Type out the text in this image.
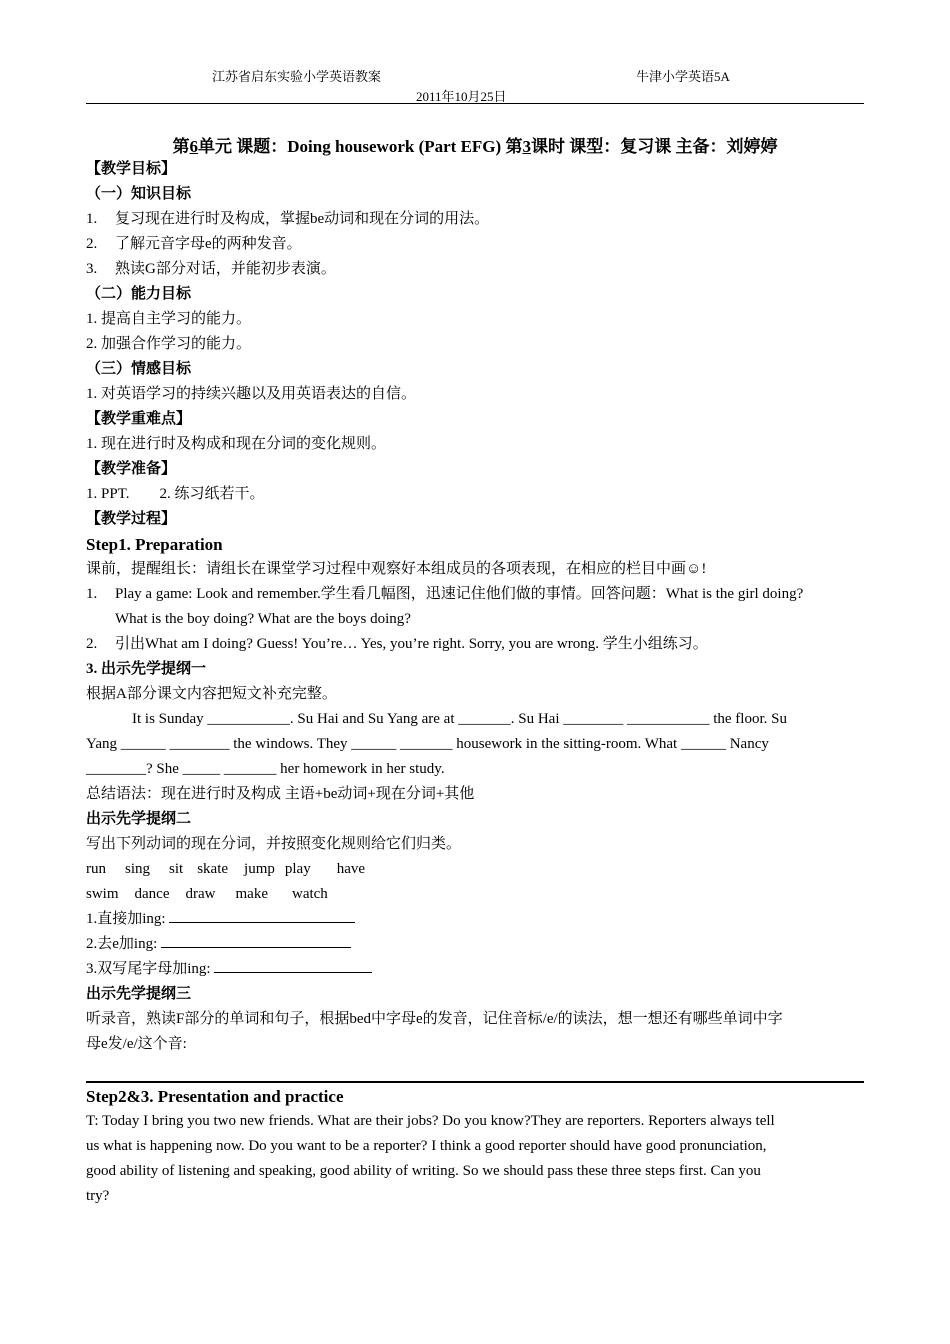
江苏省启东实验小学英语教案	牛津小学英语5A
2011年10月25日
第6单元 课题：Doing housework (Part EFG) 第3课时 课型：复习课 主备：刘婷婷
【教学目标】
（一）知识目标
1. 复习现在进行时及构成，掌握be动词和现在分词的用法。
2. 了解元音字母e的两种发音。
3. 熟读G部分对话，并能初步表演。
（二）能力目标
1. 提高自主学习的能力。
2. 加强合作学习的能力。
（三）情感目标
1. 对英语学习的持续兴趣以及用英语表达的自信。
【教学重难点】
1. 现在进行时及构成和现在分词的变化规则。
【教学准备】
1. PPT. 2. 练习纸若干。
【教学过程】
Step1. Preparation
课前，提醒组长：请组长在课堂学习过程中观察好本组成员的各项表现，在相应的栏目中画☺!
1. Play a game: Look and remember.学生看几幅图，迅速记住他们做的事情。回答问题：What is the girl doing?
What is the boy doing? What are the boys doing?
2. 引出What am I doing? Guess! You’re… Yes, you’re right. Sorry, you are wrong. 学生小组练习。
3. 出示先学提纲一
根据A部分课文内容把短文补充完整。
It is Sunday ___________. Su Hai and Su Yang are at _______. Su Hai ________ ___________ the floor. Su
Yang ______ ________ the windows. They ______ _______ housework in the sitting-room. What ______ Nancy
________? She _____ _______ her homework in her study.
总结语法：现在进行时及构成 主语+be动词+现在分词+其他
出示先学提纲二
写出下列动词的现在分词，并按照变化规则给它们归类。
run sing sit skate jump play have
swim dance draw make watch
1.直接加ing:
2.去e加ing:
3.双写尾字母加ing:
出示先学提纲三
听录音，熟读F部分的单词和句子，根据bed中字母e的发音，记住音标/e/的读法，想一想还有哪些单词中字
母e发/e/这个音:
Step2&3. Presentation and practice
T: Today I bring you two new friends. What are their jobs? Do you know?They are reporters. Reporters always tell
us what is happening now. Do you want to be a reporter? I think a good reporter should have good pronunciation,
good ability of listening and speaking, good ability of writing. So we should pass these three steps first. Can you
try?
